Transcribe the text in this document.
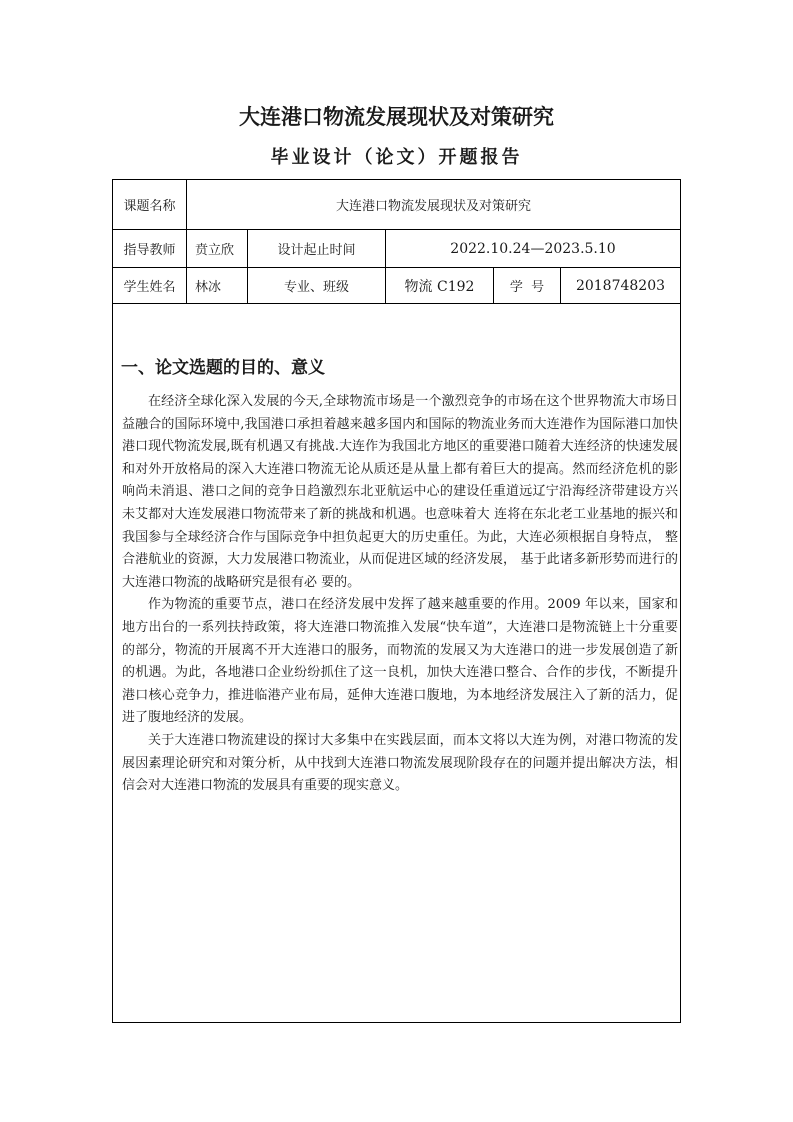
大连港口物流发展现状及对策研究
毕业设计（论文）开题报告
课题名称	大连港口物流发展现状及对策研究
指导教师	贲立欣	设计起止时间	2022.10.24—2023.5.10
学生姓名	林冰	专业、班级	物流 C192	学  号	2018748203
一、论文选题的目的、意义

在经济全球化深入发展的今天,全球物流市场是一个激烈竞争的市场在这个世界物流大市场日益融合的国际环境中,我国港口承担着越来越多国内和国际的物流业务而大连港作为国际港口加快港口现代物流发展,既有机遇又有挑战.大连作为我国北方地区的重要港口随着大连经济的快速发展和对外开放格局的深入大连港口物流无论从质还是从量上都有着巨大的提高。然而经济危机的影响尚未消退、港口之间的竞争日趋激烈东北亚航运中心的建设任重道远辽宁沿海经济带建设方兴未艾都对大连发展港口物流带来了新的挑战和机遇。也意味着大 连将在东北老工业基地的振兴和我国参与全球经济合作与国际竞争中担负起更大的历史重任。为此，大连必须根据自身特点， 整合港航业的资源，大力发展港口物流业，从而促进区域的经济发展， 基于此诸多新形势而进行的大连港口物流的战略研究是很有必 要的。

作为物流的重要节点，港口在经济发展中发挥了越来越重要的作用。2009 年以来，国家和地方出台的一系列扶持政策，将大连港口物流推入发展“快车道”，大连港口是物流链上十分重要的部分，物流的开展离不开大连港口的服务，而物流的发展又为大连港口的进一步发展创造了新的机遇。为此，各地港口企业纷纷抓住了这一良机，加快大连港口整合、合作的步伐，不断提升港口核心竞争力，推进临港产业布局，延伸大连港口腹地，为本地经济发展注入了新的活力，促进了腹地经济的发展。

关于大连港口物流建设的探讨大多集中在实践层面，而本文将以大连为例，对港口物流的发展因素理论研究和对策分析，从中找到大连港口物流发展现阶段存在的问题并提出解决方法，相信会对大连港口物流的发展具有重要的现实意义。
